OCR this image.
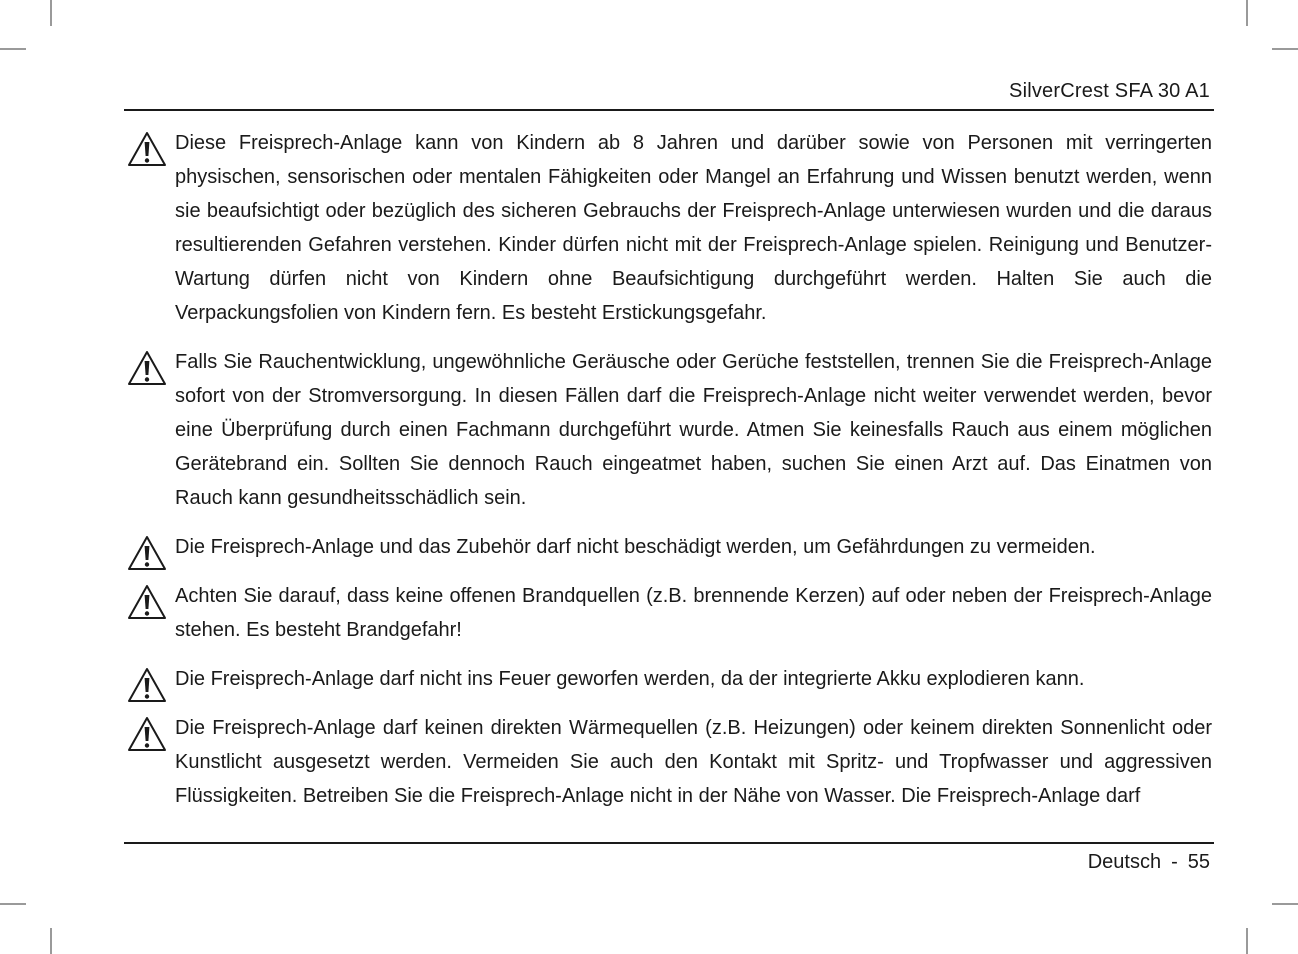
SilverCrest SFA 30 A1

Diese Freisprech-Anlage kann von Kindern ab 8 Jahren und darüber sowie von Personen mit verringerten physischen, sensorischen oder mentalen Fähigkeiten oder Mangel an Erfahrung und Wissen benutzt werden, wenn sie beaufsichtigt oder bezüglich des sicheren Gebrauchs der Freisprech-Anlage unterwiesen wurden und die daraus resultierenden Gefahren verstehen. Kinder dürfen nicht mit der Freisprech-Anlage spielen. Reinigung und Benutzer-Wartung dürfen nicht von Kindern ohne Beaufsichtigung durchgeführt werden. Halten Sie auch die Verpackungsfolien von Kindern fern. Es besteht Erstickungsgefahr.

Falls Sie Rauchentwicklung, ungewöhnliche Geräusche oder Gerüche feststellen, trennen Sie die Freisprech-Anlage sofort von der Stromversorgung. In diesen Fällen darf die Freisprech-Anlage nicht weiter verwendet werden, bevor eine Überprüfung durch einen Fachmann durchgeführt wurde. Atmen Sie keinesfalls Rauch aus einem möglichen Gerätebrand ein. Sollten Sie dennoch Rauch eingeatmet haben, suchen Sie einen Arzt auf. Das Einatmen von Rauch kann gesundheitsschädlich sein.

Die Freisprech-Anlage und das Zubehör darf nicht beschädigt werden, um Gefährdungen zu vermeiden.

Achten Sie darauf, dass keine offenen Brandquellen (z.B. brennende Kerzen) auf oder neben der Freisprech-Anlage stehen. Es besteht Brandgefahr!

Die Freisprech-Anlage darf nicht ins Feuer geworfen werden, da der integrierte Akku explodieren kann.

Die Freisprech-Anlage darf keinen direkten Wärmequellen (z.B. Heizungen) oder keinem direkten Sonnenlicht oder Kunstlicht ausgesetzt werden. Vermeiden Sie auch den Kontakt mit Spritz- und Tropfwasser und aggressiven Flüssigkeiten. Betreiben Sie die Freisprech-Anlage nicht in der Nähe von Wasser. Die Freisprech-Anlage darf

Deutsch - 55
